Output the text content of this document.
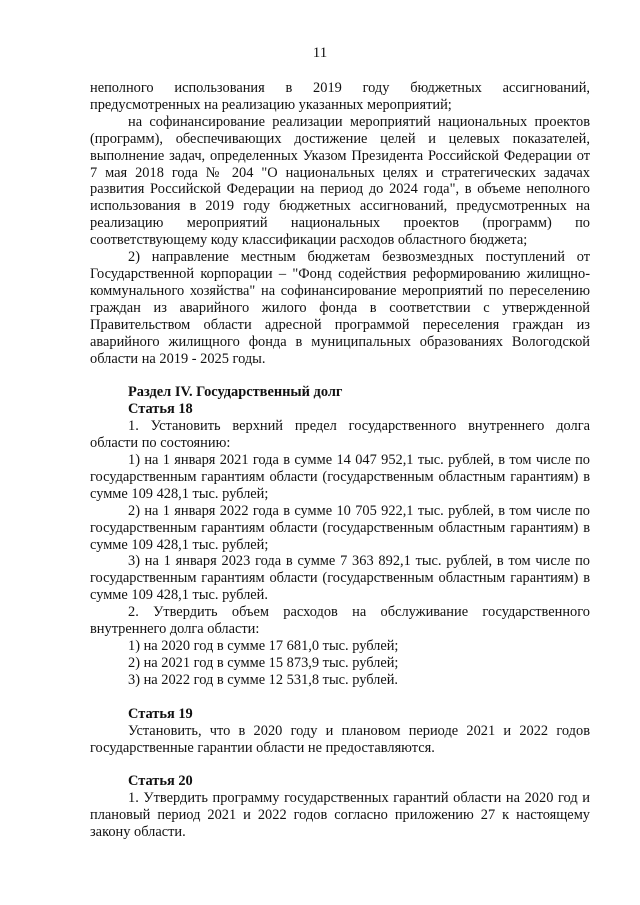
11

неполного использования в 2019 году бюджетных ассигнований, предусмотренных на реализацию указанных мероприятий;

на софинансирование реализации мероприятий национальных проектов (программ), обеспечивающих достижение целей и целевых показателей, выполнение задач, определенных Указом Президента Российской Федерации от 7 мая 2018 года № 204 "О национальных целях и стратегических задачах развития Российской Федерации на период до 2024 года", в объеме неполного использования в 2019 году бюджетных ассигнований, предусмотренных на реализацию мероприятий национальных проектов (программ) по соответствующему коду классификации расходов областного бюджета;

2) направление местным бюджетам безвозмездных поступлений от Государственной корпорации – "Фонд содействия реформированию жилищно-коммунального хозяйства" на софинансирование мероприятий по переселению граждан из аварийного жилого фонда в соответствии с утвержденной Правительством области адресной программой переселения граждан из аварийного жилищного фонда в муниципальных образованиях Вологодской области на 2019 - 2025 годы.

Раздел IV. Государственный долг
Статья 18

1. Установить верхний предел государственного внутреннего долга области по состоянию:

1) на 1 января 2021 года в сумме 14 047 952,1 тыс. рублей, в том числе по государственным гарантиям области (государственным областным гарантиям) в сумме 109 428,1 тыс. рублей;

2) на 1 января 2022 года в сумме 10 705 922,1 тыс. рублей, в том числе по государственным гарантиям области (государственным областным гарантиям) в сумме 109 428,1 тыс. рублей;

3) на 1 января 2023 года в сумме 7 363 892,1 тыс. рублей, в том числе по государственным гарантиям области (государственным областным гарантиям) в сумме 109 428,1 тыс. рублей.

2. Утвердить объем расходов на обслуживание государственного внутреннего долга области:

1) на 2020 год в сумме 17 681,0 тыс. рублей;

2) на 2021 год в сумме 15 873,9 тыс. рублей;

3) на 2022 год в сумме 12 531,8 тыс. рублей.

Статья 19

Установить, что в 2020 году и плановом периоде 2021 и 2022 годов государственные гарантии области не предоставляются.

Статья 20

1. Утвердить программу государственных гарантий области на 2020 год и плановый период 2021 и 2022 годов согласно приложению 27 к настоящему закону области.
